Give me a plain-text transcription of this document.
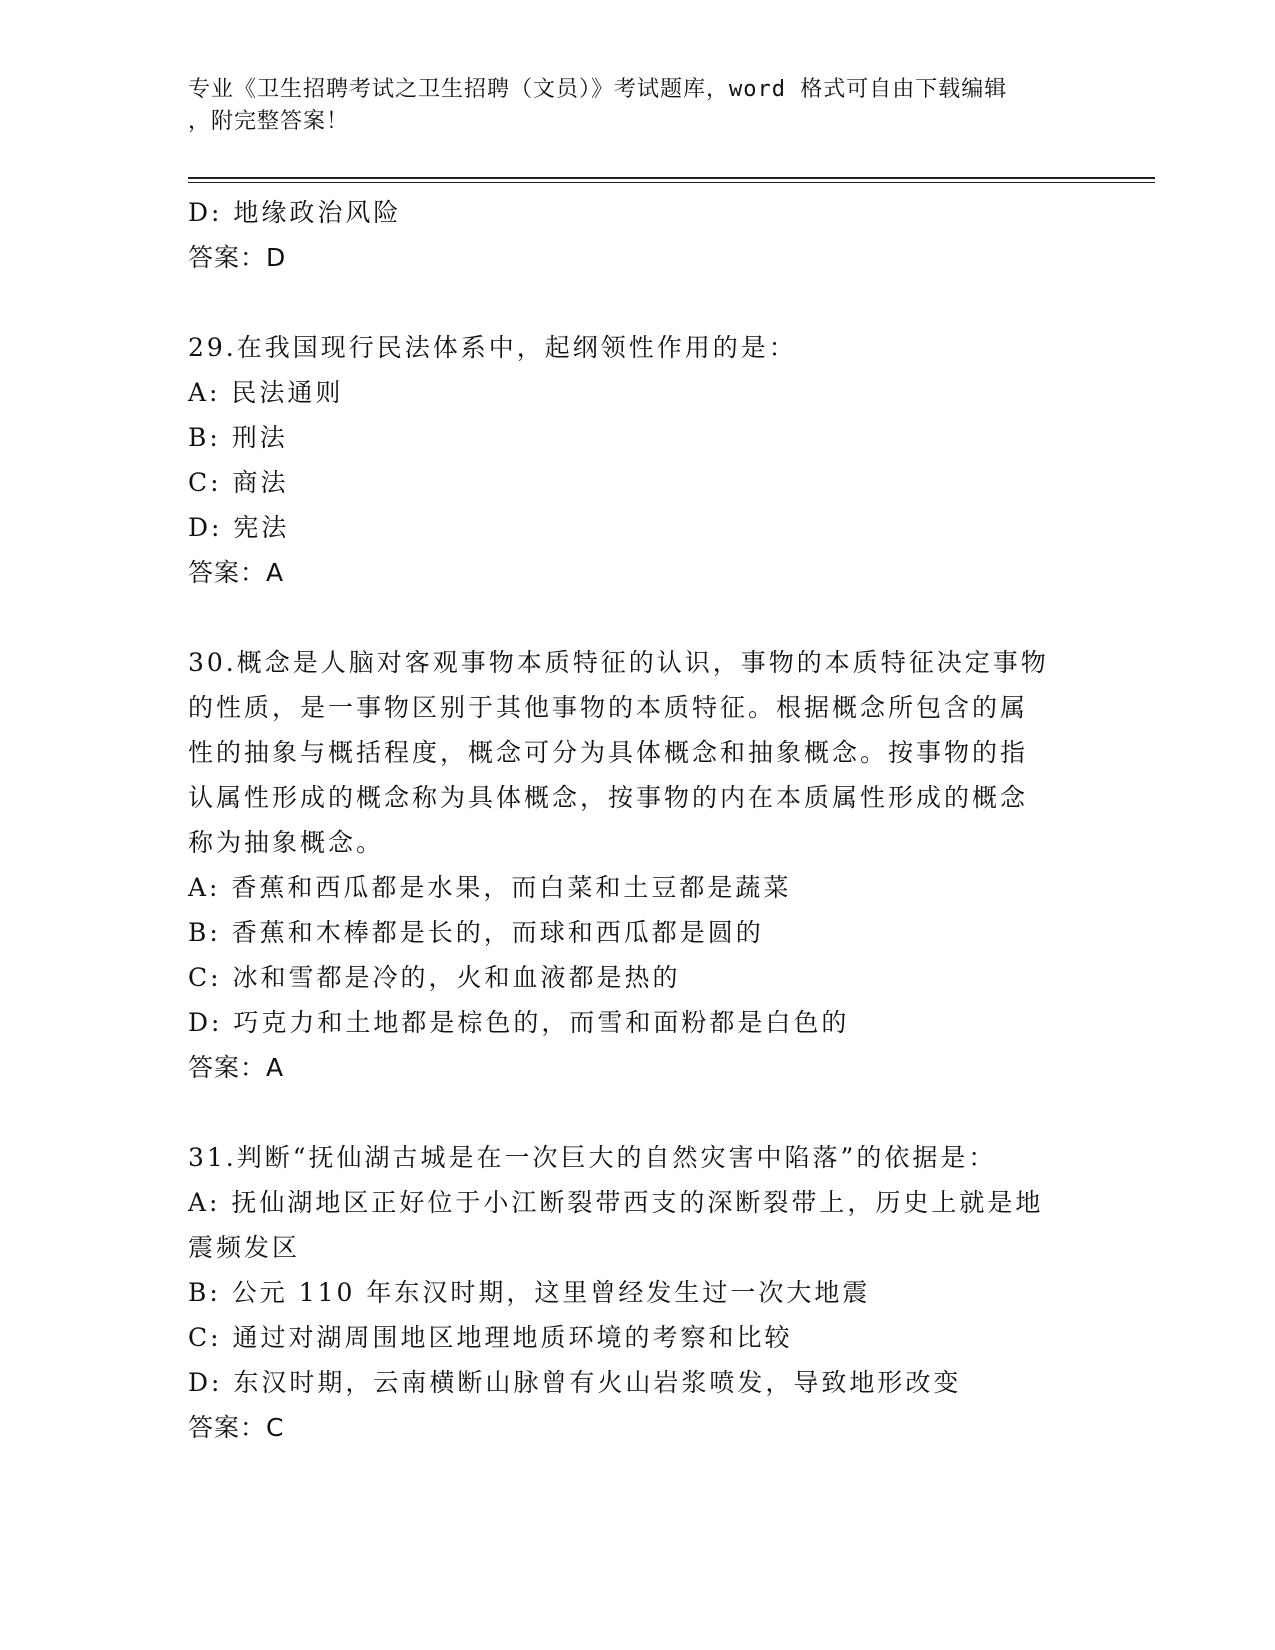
专业《卫生招聘考试之卫生招聘（文员）》考试题库，word 格式可自由下载编辑
，附完整答案！
D: 地缘政治风险
答案：D
29.在我国现行民法体系中，起纲领性作用的是：
A: 民法通则
B: 刑法
C: 商法
D: 宪法
答案：A
30.概念是人脑对客观事物本质特征的认识，事物的本质特征决定事物
的性质，是一事物区别于其他事物的本质特征。根据概念所包含的属
性的抽象与概括程度，概念可分为具体概念和抽象概念。按事物的指
认属性形成的概念称为具体概念，按事物的内在本质属性形成的概念
称为抽象概念。
A: 香蕉和西瓜都是水果，而白菜和土豆都是蔬菜
B: 香蕉和木棒都是长的，而球和西瓜都是圆的
C: 冰和雪都是冷的，火和血液都是热的
D: 巧克力和土地都是棕色的，而雪和面粉都是白色的
答案：A
31.判断“抚仙湖古城是在一次巨大的自然灾害中陷落”的依据是：
A: 抚仙湖地区正好位于小江断裂带西支的深断裂带上，历史上就是地
震频发区
B: 公元 110 年东汉时期，这里曾经发生过一次大地震
C: 通过对湖周围地区地理地质环境的考察和比较
D: 东汉时期，云南横断山脉曾有火山岩浆喷发，导致地形改变
答案：C
